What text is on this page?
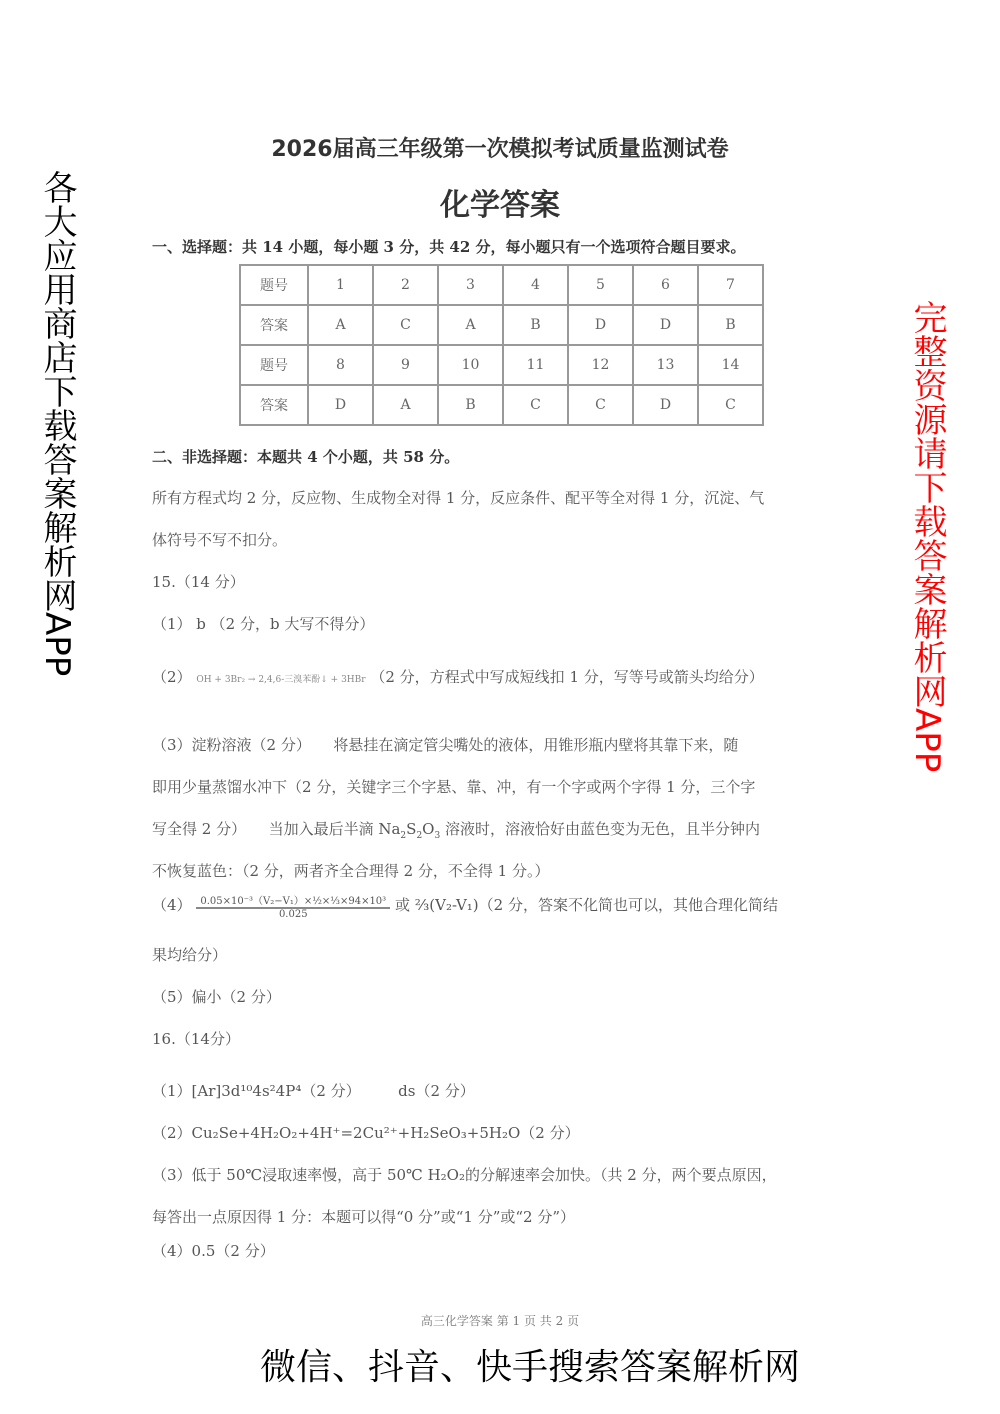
2026届高三年级第一次模拟考试质量监测试卷
化学答案
一、选择题：共 14 小题，每小题 3 分，共 42 分，每小题只有一个选项符合题目要求。
题号	1	2	3	4	5	6	7
答案	A	C	A	B	D	D	B
题号	8	9	10	11	12	13	14
答案	D	A	B	C	C	D	C
二、非选择题：本题共 4 个小题，共 58 分。
所有方程式均 2 分，反应物、生成物全对得 1 分，反应条件、配平等全对得 1 分，沉淀、气
体符号不写不扣分。
15.（14 分）
（1） b （2 分，b 大写不得分）
（2） OH + 3Br₂ → 2,4,6-三溴苯酚↓ + 3HBr （2 分，方程式中写成短线扣 1 分，写等号或箭头均给分）
（3）淀粉溶液（2 分）　　将悬挂在滴定管尖嘴处的液体，用锥形瓶内壁将其靠下来，随
即用少量蒸馏水冲下（2 分，关键字三个字悬、靠、冲，有一个字或两个字得 1 分，三个字
写全得 2 分）　　当加入最后半滴 $Na_2S_2O_3$ 溶液时，溶液恰好由蓝色变为无色，且半分钟内
不恢复蓝色：（2 分，两者齐全合理得 2 分，不全得 1 分。）
$(4) \frac{\text{0.05×10⁻³（V₂−V₁）×½×⅓×94×10³}}{0.025}$ 或 ⅔(V₂-V₁)（2 分，答案不化简也可以，其他合理化简结
果均给分）
（5）偏小（2 分）
16.（14分）
（1）[Ar]3d¹⁰4s²4P⁴（2 分）　　　ds（2 分）
（2）Cu₂Se+4H₂O₂+4H⁺=2Cu²⁺+H₂SeO₃+5H₂O（2 分）
（3）低于 50℃浸取速率慢，高于 50℃ H₂O₂的分解速率会加快。（共 2 分，两个要点原因，
每答出一点原因得 1 分：本题可以得“0 分”或“1 分”或“2 分”）
（4）0.5（2 分）
高三化学答案 第 1 页 共 2 页
各大应用商店下载答案解析网APP	完整资源请下载答案解析网APP
微信、抖音、快手搜索答案解析网
